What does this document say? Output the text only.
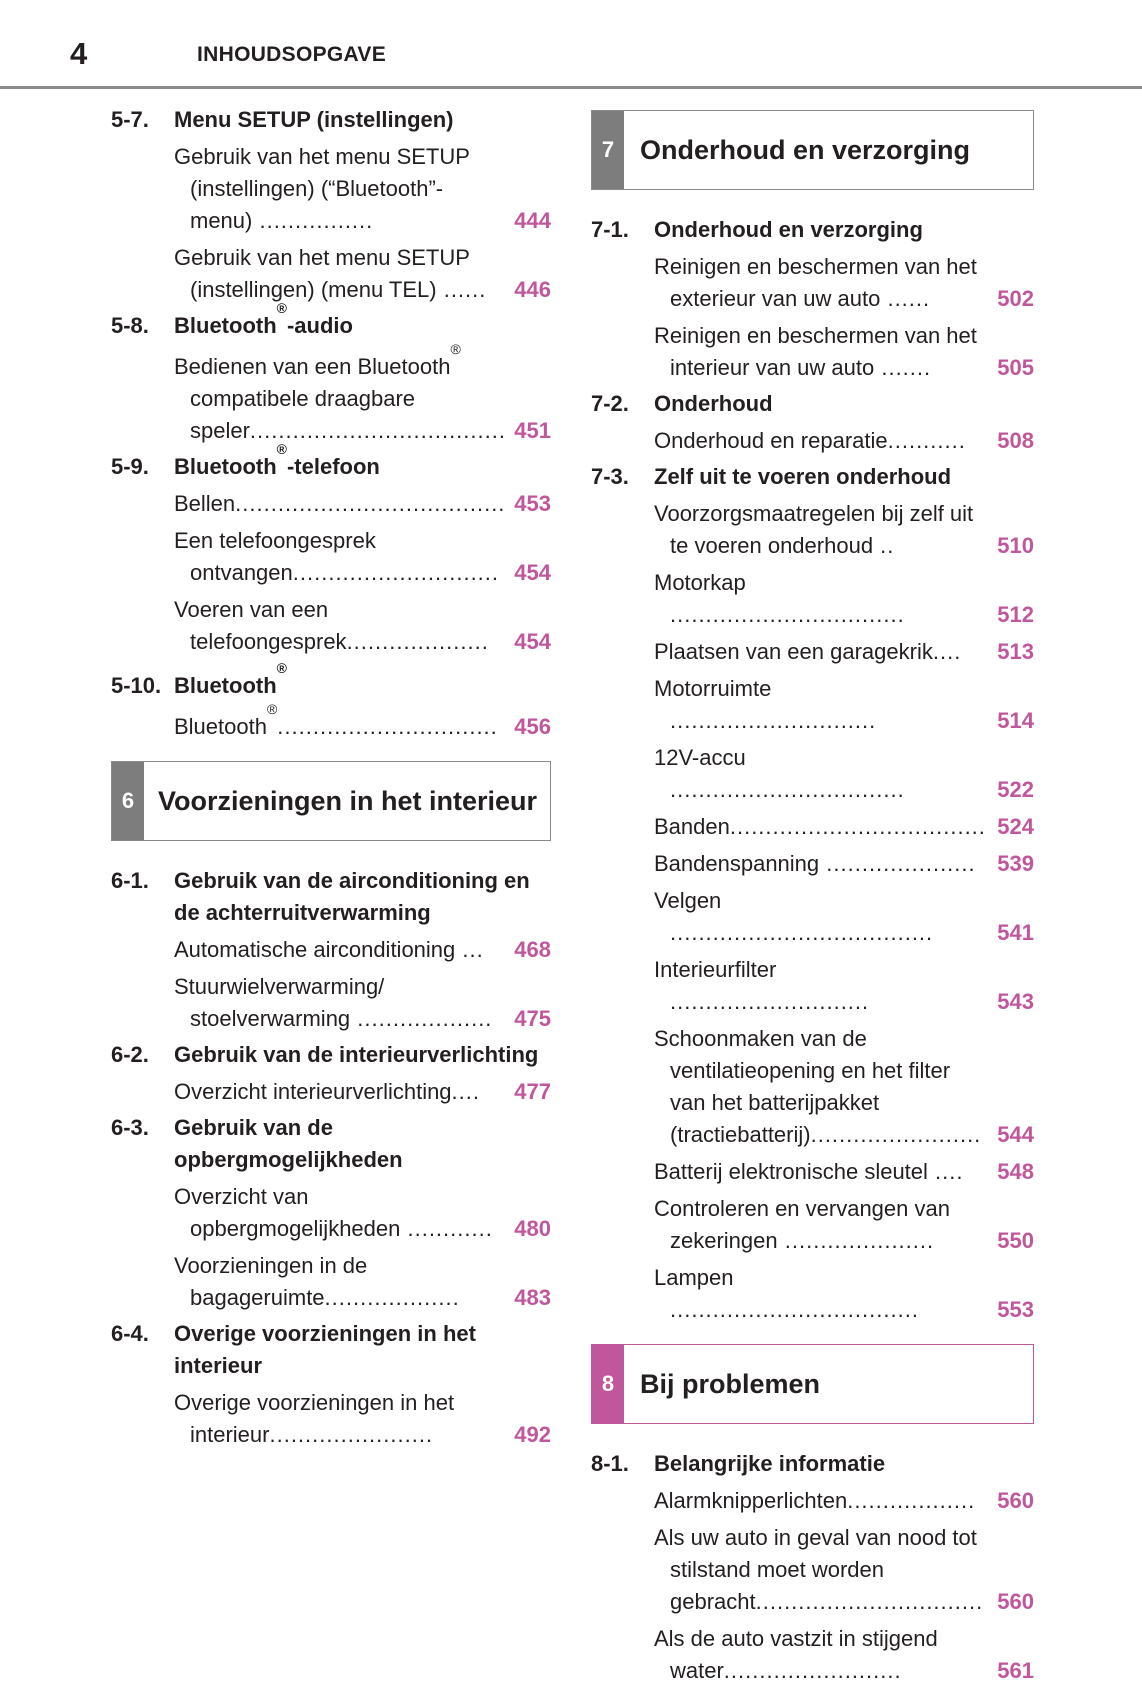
4	INHOUDSOPGAVE
5-7. Menu SETUP (instellingen)
Gebruik van het menu SETUP (instellingen) (“Bluetooth”-menu) ................	444
Gebruik van het menu SETUP (instellingen) (menu TEL) ...... 446
5-8. Bluetooth®-audio
Bedienen van een Bluetooth® compatibele draagbare speler.................................... 451
5-9. Bluetooth®-telefoon
Bellen...................................... 453
Een telefoongesprek ontvangen............................. 454
Voeren van een telefoongesprek.................... 454
5-10. Bluetooth®
Bluetooth®............................... 456
6 Voorzieningen in het interieur
6-1. Gebruik van de airconditioning en de achterruitverwarming
Automatische airconditioning ... 468
Stuurwielverwarming/ stoelverwarming ................... 475
6-2. Gebruik van de interieurverlichting
Overzicht interieurverlichting.... 477
6-3. Gebruik van de opbergmogelijkheden
Overzicht van opbergmogelijkheden ............ 480
Voorzieningen in de bagageruimte................... 483
6-4. Overige voorzieningen in het interieur
Overige voorzieningen in het interieur.......................	492
7 Onderhoud en verzorging
7-1. Onderhoud en verzorging
Reinigen en beschermen van het exterieur van uw auto ......	502
Reinigen en beschermen van het interieur van uw auto .......	505
7-2. Onderhoud
Onderhoud en reparatie........... 508
7-3. Zelf uit te voeren onderhoud
Voorzorgsmaatregelen bij zelf uit te voeren onderhoud ..	510
Motorkap .................................	512
Plaatsen van een garagekrik.... 513
Motorruimte .............................	514
12V-accu .................................	522
Banden.................................... 524
Bandenspanning ..................... 539
Velgen .....................................	541
Interieurfilter ............................	543
Schoonmaken van de ventilatieopening en het filter van het batterijpakket (tractiebatterij)........................ 544
Batterij elektronische sleutel .... 548
Controleren en vervangen van zekeringen .....................	550
Lampen ...................................	553
8 Bij problemen
8-1. Belangrijke informatie
Alarmknipperlichten.................. 560
Als uw auto in geval van nood tot stilstand moet worden gebracht................................ 560
Als de auto vastzit in stijgend water.........................	561
